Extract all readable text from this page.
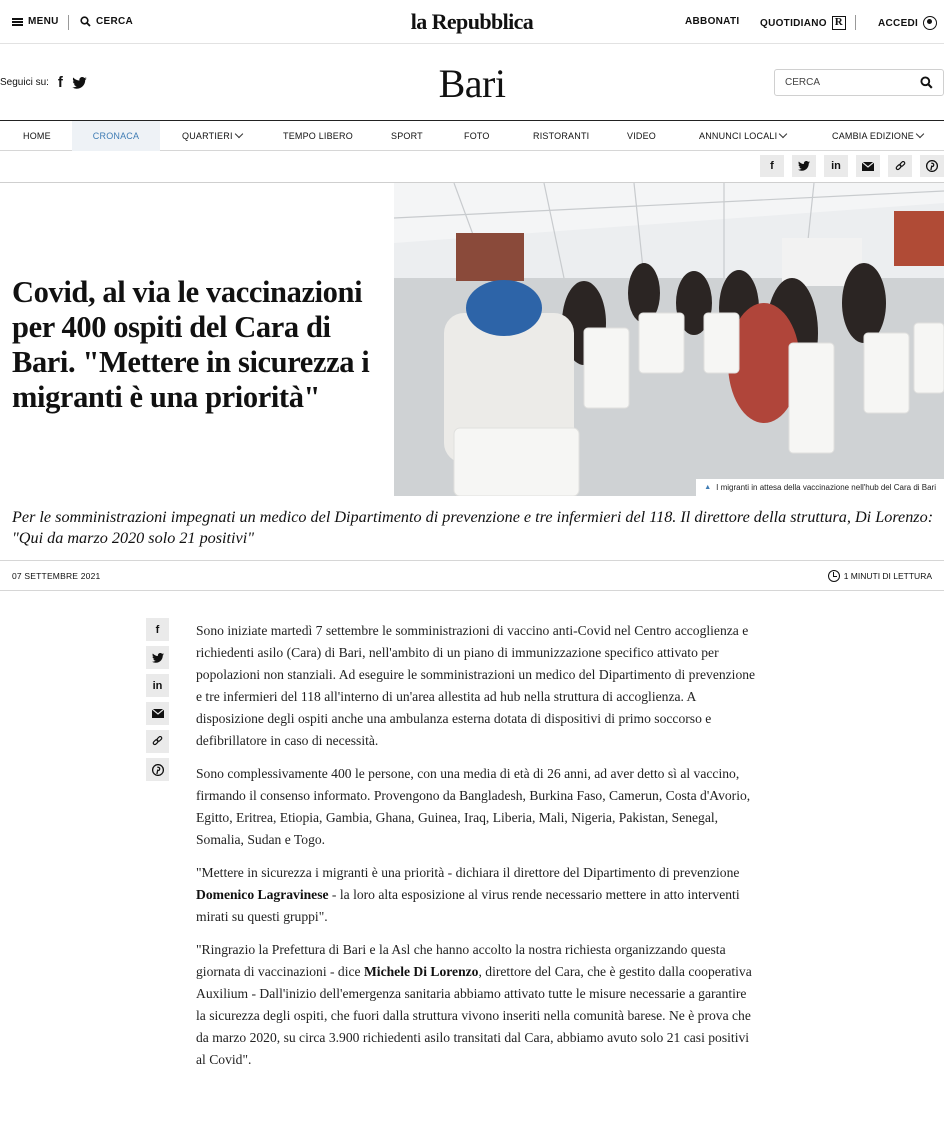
MENU	CERCA	la Repubblica	ABBONATI QUOTIDIANO R	ACCEDI
Seguici su: f	Bari
CERCA
HOME	CRONACA	QUARTIERI	TEMPO LIBERO	SPORT	FOTO	RISTORANTI	VIDEO	ANNUNCI LOCALI	CAMBIA EDIZIONE
f	in
Covid, al via le vaccinazioni per 400 ospiti del Cara di Bari. "Mettere in sicurezza i migranti è una priorità"
▲ I migranti in attesa della vaccinazione nell'hub del Cara di Bari

Per le somministrazioni impegnati un medico del Dipartimento di prevenzione e tre infermieri del 118. Il direttore della struttura, Di Lorenzo: "Qui da marzo 2020 solo 21 positivi"

07 SETTEMBRE 2021	1 MINUTI DI LETTURA
f
in

Sono iniziate martedì 7 settembre le somministrazioni di vaccino anti-Covid nel Centro accoglienza e richiedenti asilo (Cara) di Bari, nell'ambito di un piano di immunizzazione specifico attivato per popolazioni non stanziali. Ad eseguire le somministrazioni un medico del Dipartimento di prevenzione e tre infermieri del 118 all'interno di un'area allestita ad hub nella struttura di accoglienza. A disposizione degli ospiti anche una ambulanza esterna dotata di dispositivi di primo soccorso e defibrillatore in caso di necessità.

Sono complessivamente 400 le persone, con una media di età di 26 anni, ad aver detto sì al vaccino, firmando il consenso informato. Provengono da Bangladesh, Burkina Faso, Camerun, Costa d'Avorio, Egitto, Eritrea, Etiopia, Gambia, Ghana, Guinea, Iraq, Liberia, Mali, Nigeria, Pakistan, Senegal, Somalia, Sudan e Togo.

"Mettere in sicurezza i migranti è una priorità - dichiara il direttore del Dipartimento di prevenzione Domenico Lagravinese - la loro alta esposizione al virus rende necessario mettere in atto interventi mirati su questi gruppi".

"Ringrazio la Prefettura di Bari e la Asl che hanno accolto la nostra richiesta organizzando questa giornata di vaccinazioni - dice Michele Di Lorenzo, direttore del Cara, che è gestito dalla cooperativa Auxilium - Dall'inizio dell'emergenza sanitaria abbiamo attivato tutte le misure necessarie a garantire la sicurezza degli ospiti, che fuori dalla struttura vivono inseriti nella comunità barese. Ne è prova che da marzo 2020, su circa 3.900 richiedenti asilo transitati dal Cara, abbiamo avuto solo 21 casi positivi al Covid".
